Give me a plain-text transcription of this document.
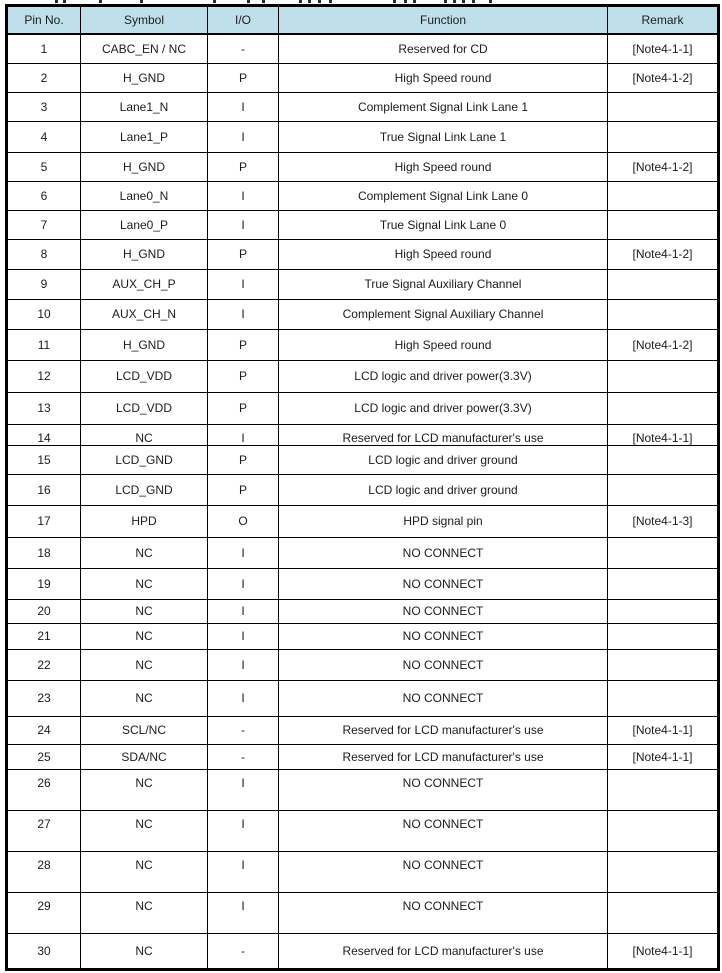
Pin No.	Symbol	I/O	Function	Remark
1	CABC_EN / NC	-	Reserved for CD	[Note4-1-1]
2	H_GND	P	High Speed round	[Note4-1-2]
3	Lane1_N	I	Complement Signal Link Lane 1	
4	Lane1_P	I	True Signal Link Lane 1	
5	H_GND	P	High Speed round	[Note4-1-2]
6	Lane0_N	I	Complement Signal Link Lane 0	
7	Lane0_P	I	True Signal Link Lane 0	
8	H_GND	P	High Speed round	[Note4-1-2]
9	AUX_CH_P	I	True Signal Auxiliary Channel	
10	AUX_CH_N	I	Complement Signal Auxiliary Channel	
11	H_GND	P	High Speed round	[Note4-1-2]
12	LCD_VDD	P	LCD logic and driver power(3.3V)	
13	LCD_VDD	P	LCD logic and driver power(3.3V)	
14	NC	I	Reserved for LCD manufacturer's use	[Note4-1-1]
15	LCD_GND	P	LCD logic and driver ground	
16	LCD_GND	P	LCD logic and driver ground	
17	HPD	O	HPD signal pin	[Note4-1-3]
18	NC	I	NO CONNECT	
19	NC	I	NO CONNECT	
20	NC	I	NO CONNECT	
21	NC	I	NO CONNECT	
22	NC	I	NO CONNECT	
23	NC	I	NO CONNECT	
24	SCL/NC	-	Reserved for LCD manufacturer's use	[Note4-1-1]
25	SDA/NC	-	Reserved for LCD manufacturer's use	[Note4-1-1]
26	NC	I	NO CONNECT	
27	NC	I	NO CONNECT	
28	NC	I	NO CONNECT	
29	NC	I	NO CONNECT	
30	NC	-	Reserved for LCD manufacturer's use	[Note4-1-1]
